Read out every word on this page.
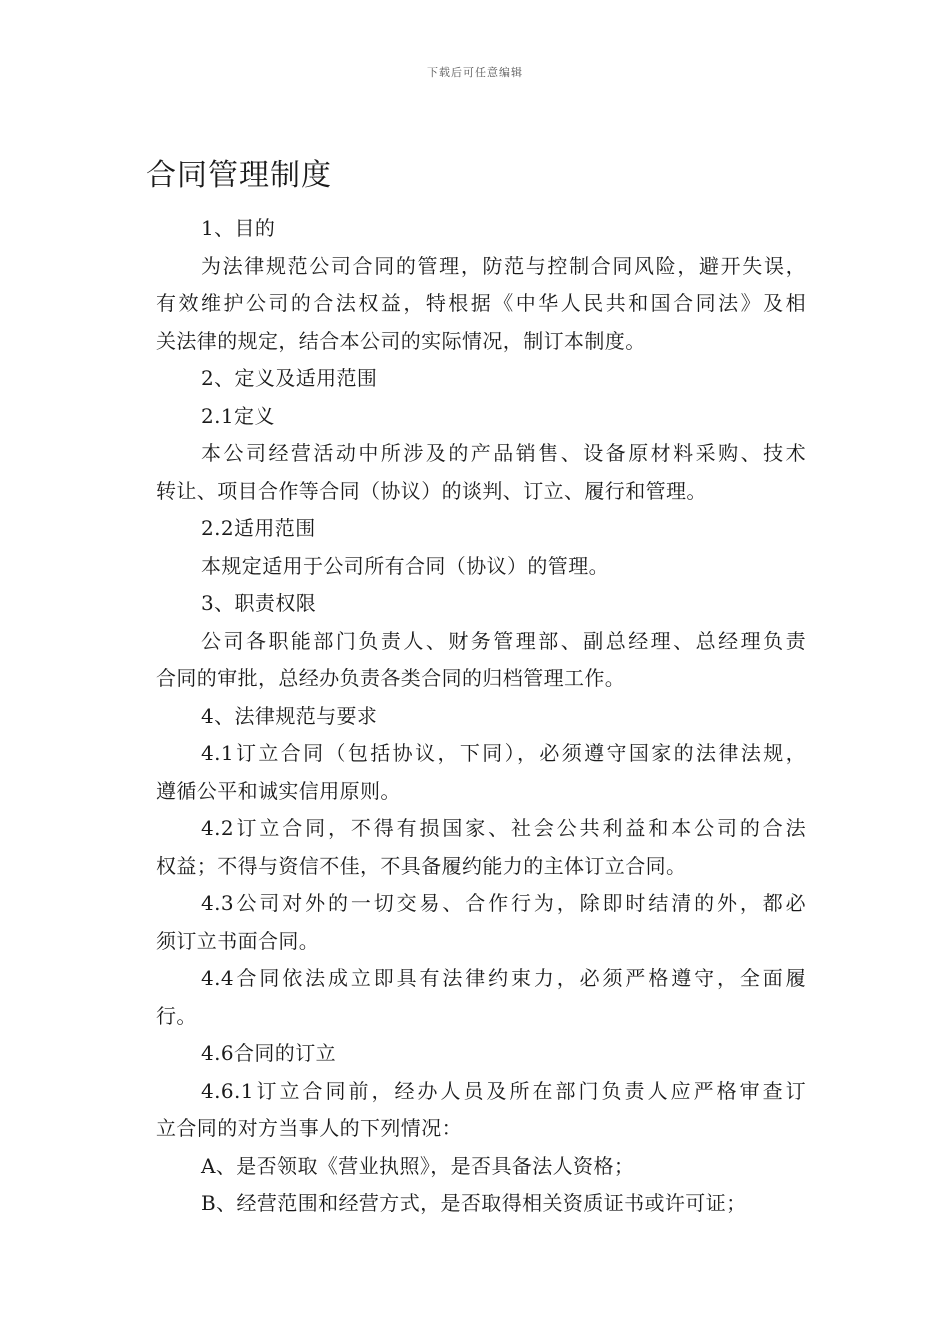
下载后可任意编辑
合同管理制度
1、目的
为法律规范公司合同的管理，防范与控制合同风险，避开失误，
有效维护公司的合法权益，特根据《中华人民共和国合同法》及相
关法律的规定，结合本公司的实际情况，制订本制度。
2、定义及适用范围
2.1定义
本公司经营活动中所涉及的产品销售、设备原材料采购、技术
转让、项目合作等合同（协议）的谈判、订立、履行和管理。
2.2适用范围
本规定适用于公司所有合同（协议）的管理。
3、职责权限
公司各职能部门负责人、财务管理部、副总经理、总经理负责
合同的审批，总经办负责各类合同的归档管理工作。
4、法律规范与要求
4.1订立合同（包括协议，下同），必须遵守国家的法律法规，
遵循公平和诚实信用原则。
4.2订立合同，不得有损国家、社会公共利益和本公司的合法
权益；不得与资信不佳，不具备履约能力的主体订立合同。
4.3公司对外的一切交易、合作行为，除即时结清的外，都必
须订立书面合同。
4.4合同依法成立即具有法律约束力，必须严格遵守，全面履
行。
4.6合同的订立
4.6.1订立合同前，经办人员及所在部门负责人应严格审查订
立合同的对方当事人的下列情况：
A、是否领取《营业执照》，是否具备法人资格；
B、经营范围和经营方式，是否取得相关资质证书或许可证；
